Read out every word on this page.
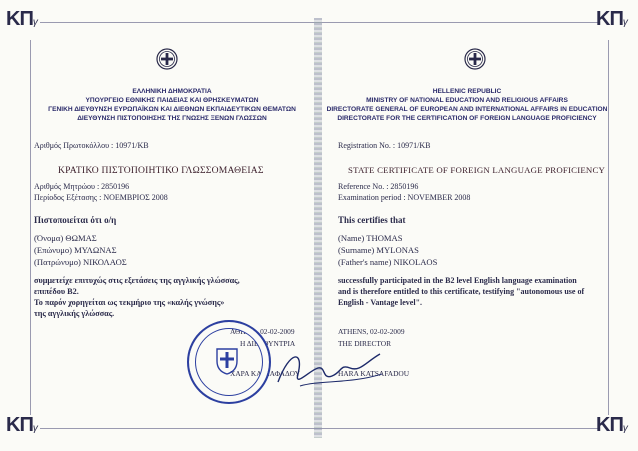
KΠγ	KΠγ
KΠγ	KΠγ
ΕΛΛΗΝΙΚΗ ΔΗΜΟΚΡΑΤΙΑ
ΥΠΟΥΡΓΕΙΟ ΕΘΝΙΚΗΣ ΠΑΙΔΕΙΑΣ ΚΑΙ ΘΡΗΣΚΕΥΜΑΤΩΝ
ΓΕΝΙΚΗ ΔΙΕΥΘΥΝΣΗ ΕΥΡΩΠΑΪΚΩΝ ΚΑΙ ΔΙΕΘΝΩΝ ΕΚΠΑΙΔΕΥΤΙΚΩΝ ΘΕΜΑΤΩΝ
ΔΙΕΥΘΥΝΣΗ ΠΙΣΤΟΠΟΙΗΣΗΣ ΤΗΣ ΓΝΩΣΗΣ ΞΕΝΩΝ ΓΛΩΣΣΩΝ
HELLENIC REPUBLIC
MINISTRY OF NATIONAL EDUCATION AND RELIGIOUS AFFAIRS
DIRECTORATE GENERAL OF EUROPEAN AND INTERNATIONAL AFFAIRS IN EDUCATION
DIRECTORATE FOR THE CERTIFICATION OF FOREIGN LANGUAGE PROFICIENCY
Αριθμός Πρωτοκόλλου : 10971/ΚΒ
ΚΡΑΤΙΚΟ ΠΙΣΤΟΠΟΙΗΤΙΚΟ ΓΛΩΣΣΟΜΑΘΕΙΑΣ
Αριθμός Μητρώου : 2850196
Περίοδος Εξέτασης : ΝΟΕΜΒΡΙΟΣ 2008
Πιστοποιείται ότι ο/η
(Όνομα) ΘΩΜΑΣ
(Επώνυμο) ΜΥΛΩΝΑΣ
(Πατρώνυμο) ΝΙΚΟΛΑΟΣ
συμμετείχε επιτυχώς στις εξετάσεις της αγγλικής γλώσσας,
επιπέδου B2.
Το παρόν χορηγείται ως τεκμήριο της «καλής γνώσης»
της αγγλικής γλώσσας.
ΑΘΗΝΑ, 02-02-2009
Η ΔΙΕΥΘΥΝΤΡΙΑ
ΧΑΡΑ ΚΑΤΣΑΦΑΔΟΥ
Registration No. : 10971/KB
STATE CERTIFICATE OF FOREIGN LANGUAGE PROFICIENCY
Reference No. : 2850196
Examination period : NOVEMBER 2008
This certifies that
(Name) THOMAS
(Surname) MYLONAS
(Father's name) NIKOLAOS
successfully participated in the B2 level English language examination
and is therefore entitled to this certificate, testifying "autonomous use of
English - Vantage level".
ATHENS, 02-02-2009
THE DIRECTOR
HARA KATSAFADOU
